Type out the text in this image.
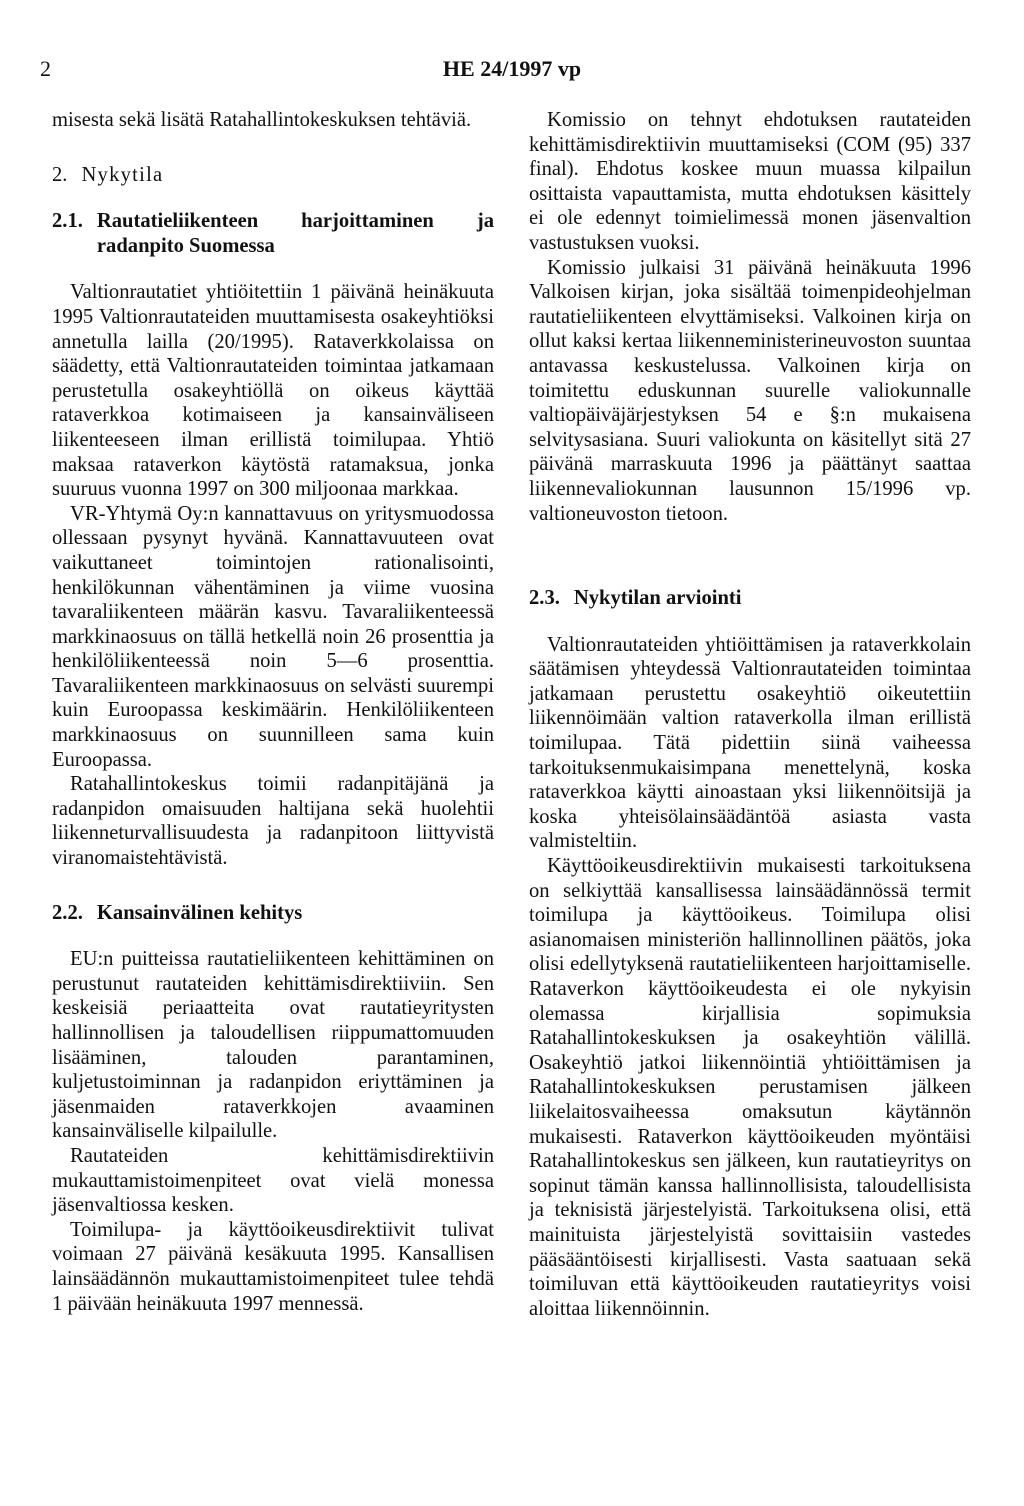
2	HE 24/1997 vp

misesta sekä lisätä Ratahallintokeskuksen tehtäviä.

2. Nykytila
2.1. Rautatieliikenteen harjoittaminen ja radanpito Suomessa

Valtionrautatiet yhtiöitettiin 1 päivänä heinäkuuta 1995 Valtionrautateiden muuttamisesta osakeyhtiöksi annetulla lailla (20/1995). Rataverkkolaissa on säädetty, että Valtionrautateiden toimintaa jatkamaan perustetulla osakeyhtiöllä on oikeus käyttää rataverkkoa kotimaiseen ja kansainväliseen liikenteeseen ilman erillistä toimilupaa. Yhtiö maksaa rataverkon käytöstä ratamaksua, jonka suuruus vuonna 1997 on 300 miljoonaa markkaa.

VR-Yhtymä Oy:n kannattavuus on yritysmuodossa ollessaan pysynyt hyvänä. Kannattavuuteen ovat vaikuttaneet toimintojen rationalisointi, henkilökunnan vähentäminen ja viime vuosina tavaraliikenteen määrän kasvu. Tavaraliikenteessä markkinaosuus on tällä hetkellä noin 26 prosenttia ja henkilöliikenteessä noin 5—6 prosenttia. Tavaraliikenteen markkinaosuus on selvästi suurempi kuin Euroopassa keskimäärin. Henkilöliikenteen markkinaosuus on suunnilleen sama kuin Euroopassa.

Ratahallintokeskus toimii radanpitäjänä ja radanpidon omaisuuden haltijana sekä huolehtii liikenneturvallisuudesta ja radanpitoon liittyvistä viranomaistehtävistä.

2.2. Kansainvälinen kehitys

EU:n puitteissa rautatieliikenteen kehittäminen on perustunut rautateiden kehittämisdirektiiviin. Sen keskeisiä periaatteita ovat rautatieyritysten hallinnollisen ja taloudellisen riippumattomuuden lisääminen, talouden parantaminen, kuljetustoiminnan ja radanpidon eriyttäminen ja jäsenmaiden rataverkkojen avaaminen kansainväliselle kilpailulle.

Rautateiden kehittämisdirektiivin mukauttamistoimenpiteet ovat vielä monessa jäsenvaltiossa kesken.

Toimilupa- ja käyttöoikeusdirektiivit tulivat voimaan 27 päivänä kesäkuuta 1995. Kansallisen lainsäädännön mukauttamistoimenpiteet tulee tehdä 1 päivään heinäkuuta 1997 mennessä.

Komissio on tehnyt ehdotuksen rautateiden kehittämisdirektiivin muuttamiseksi (COM (95) 337 final). Ehdotus koskee muun muassa kilpailun osittaista vapauttamista, mutta ehdotuksen käsittely ei ole edennyt toimielimessä monen jäsenvaltion vastustuksen vuoksi.

Komissio julkaisi 31 päivänä heinäkuuta 1996 Valkoisen kirjan, joka sisältää toimenpideohjelman rautatieliikenteen elvyttämiseksi. Valkoinen kirja on ollut kaksi kertaa liikenneministerineuvoston suuntaa antavassa keskustelussa. Valkoinen kirja on toimitettu eduskunnan suurelle valiokunnalle valtiopäiväjärjestyksen 54 e §:n mukaisena selvitysasiana. Suuri valiokunta on käsitellyt sitä 27 päivänä marraskuuta 1996 ja päättänyt saattaa liikennevaliokunnan lausunnon 15/1996 vp. valtioneuvoston tietoon.

2.3. Nykytilan arviointi

Valtionrautateiden yhtiöittämisen ja rataverkkolain säätämisen yhteydessä Valtionrautateiden toimintaa jatkamaan perustettu osakeyhtiö oikeutettiin liikennöimään valtion rataverkolla ilman erillistä toimilupaa. Tätä pidettiin siinä vaiheessa tarkoituksenmukaisimpana menettelynä, koska rataverkkoa käytti ainoastaan yksi liikennöitsijä ja koska yhteisölainsäädäntöä asiasta vasta valmisteltiin.

Käyttöoikeusdirektiivin mukaisesti tarkoituksena on selkiyttää kansallisessa lainsäädännössä termit toimilupa ja käyttöoikeus. Toimilupa olisi asianomaisen ministeriön hallinnollinen päätös, joka olisi edellytyksenä rautatieliikenteen harjoittamiselle. Rataverkon käyttöoikeudesta ei ole nykyisin olemassa kirjallisia sopimuksia Ratahallintokeskuksen ja osakeyhtiön välillä. Osakeyhtiö jatkoi liikennöintiä yhtiöittämisen ja Ratahallintokeskuksen perustamisen jälkeen liikelaitosvaiheessa omaksutun käytännön mukaisesti. Rataverkon käyttöoikeuden myöntäisi Ratahallintokeskus sen jälkeen, kun rautatieyritys on sopinut tämän kanssa hallinnollisista, taloudellisista ja teknisistä järjestelyistä. Tarkoituksena olisi, että mainituista järjestelyistä sovittaisiin vastedes pääsääntöisesti kirjallisesti. Vasta saatuaan sekä toimiluvan että käyttöoikeuden rautatieyritys voisi aloittaa liikennöinnin.
